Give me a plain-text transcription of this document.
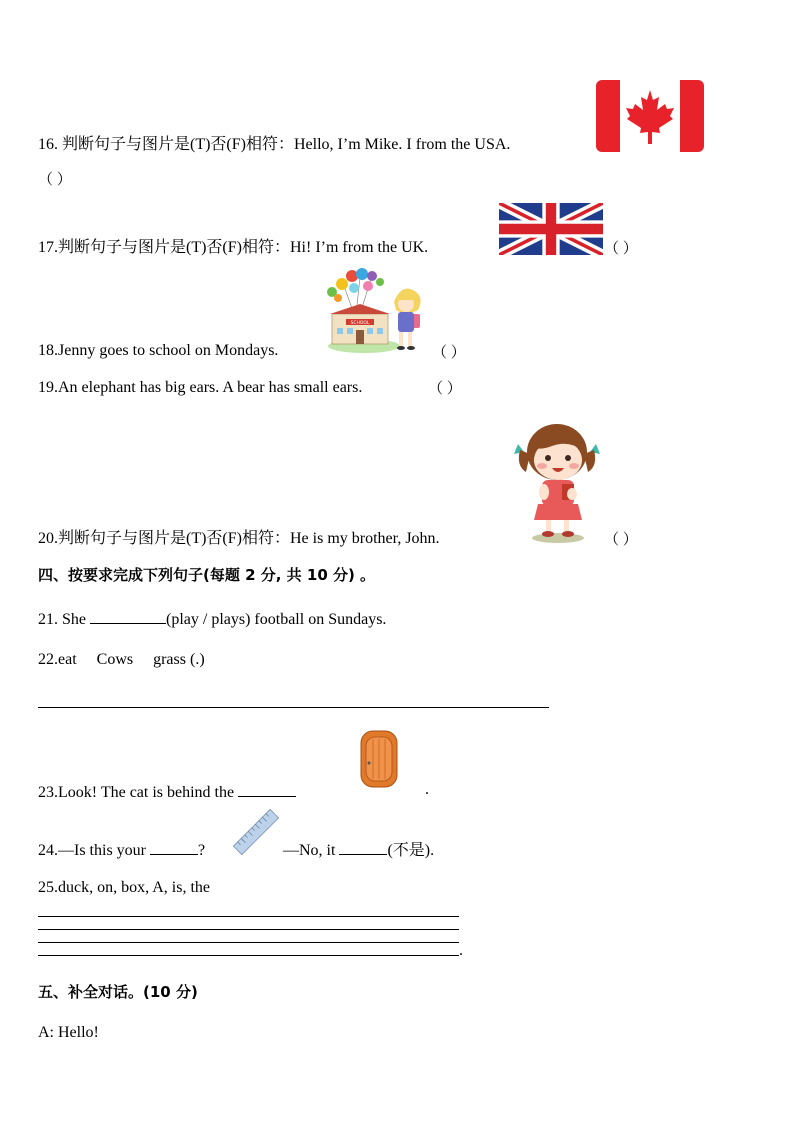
16. 判断句子与图片是(T)否(F)相符：Hello, I’m Mike. I from the USA.
（ ）
17.判断句子与图片是(T)否(F)相符：Hi! I’m from the UK.	（ ）
SCHOOL
18.Jenny goes to school on Mondays.	（ ）
19.An elephant has big ears. A bear has small ears.	（ ）
20.判断句子与图片是(T)否(F)相符：He is my brother, John.	（ ）
四、按要求完成下列句子(每题 2 分, 共 10 分) 。
21. She	(play / plays) football on Sundays.
22.eat     Cows     grass (.)
23.Look! The cat is behind the	.
24.—Is this your	?	—No, it	(不是).
25.duck, on, box, A, is, the
.
五、补全对话。(10 分)
A: Hello!
